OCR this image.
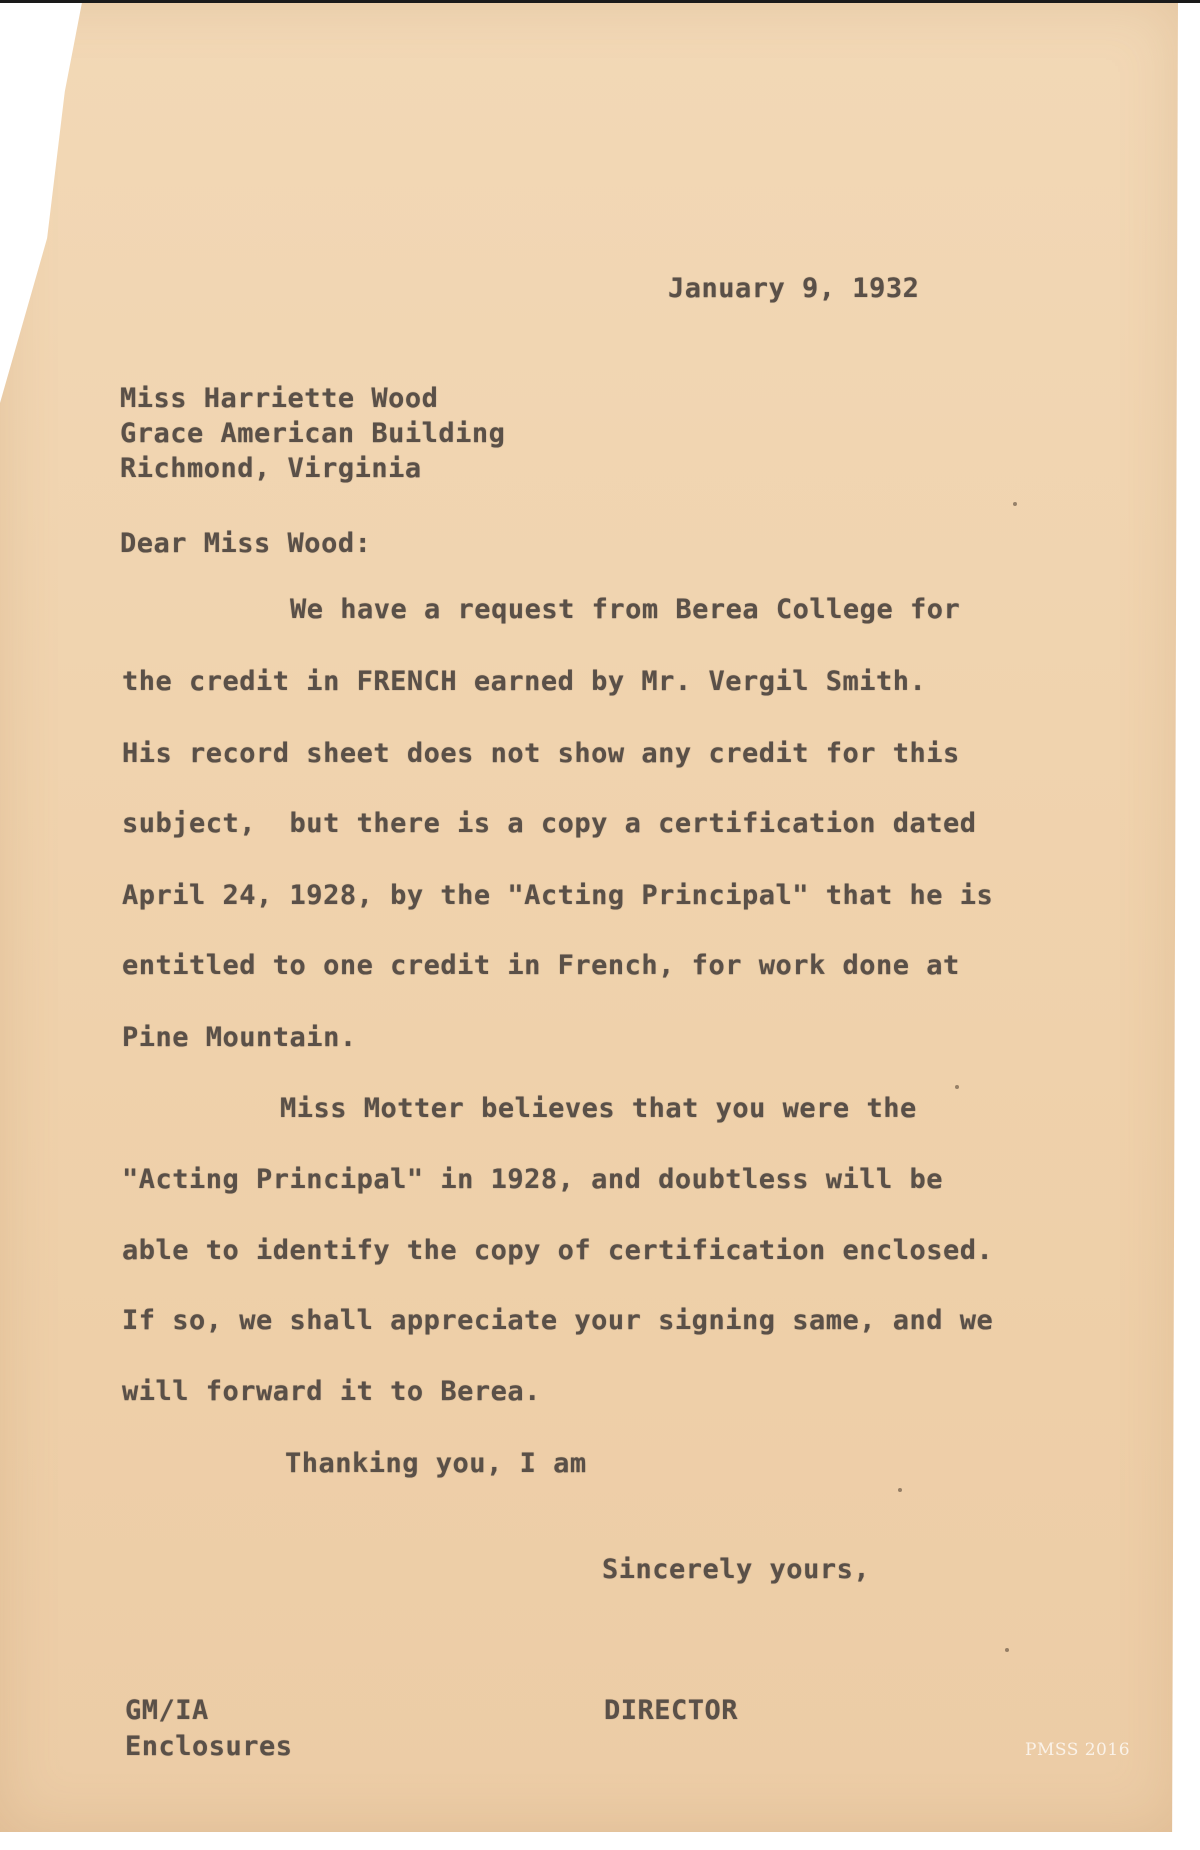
January 9, 1932
Miss Harriette Wood
Grace American Building
Richmond, Virginia
Dear Miss Wood:
We have a request from Berea College for
the credit in FRENCH earned by Mr. Vergil Smith.
His record sheet does not show any credit for this
subject,  but there is a copy a certification dated
April 24, 1928, by the "Acting Principal" that he is
entitled to one credit in French, for work done at
Pine Mountain.
Miss Motter believes that you were the
"Acting Principal" in 1928, and doubtless will be
able to identify the copy of certification enclosed.
If so, we shall appreciate your signing same, and we
will forward it to Berea.
Thanking you, I am
Sincerely yours,
GM/IA
Enclosures
DIRECTOR
PMSS 2016
